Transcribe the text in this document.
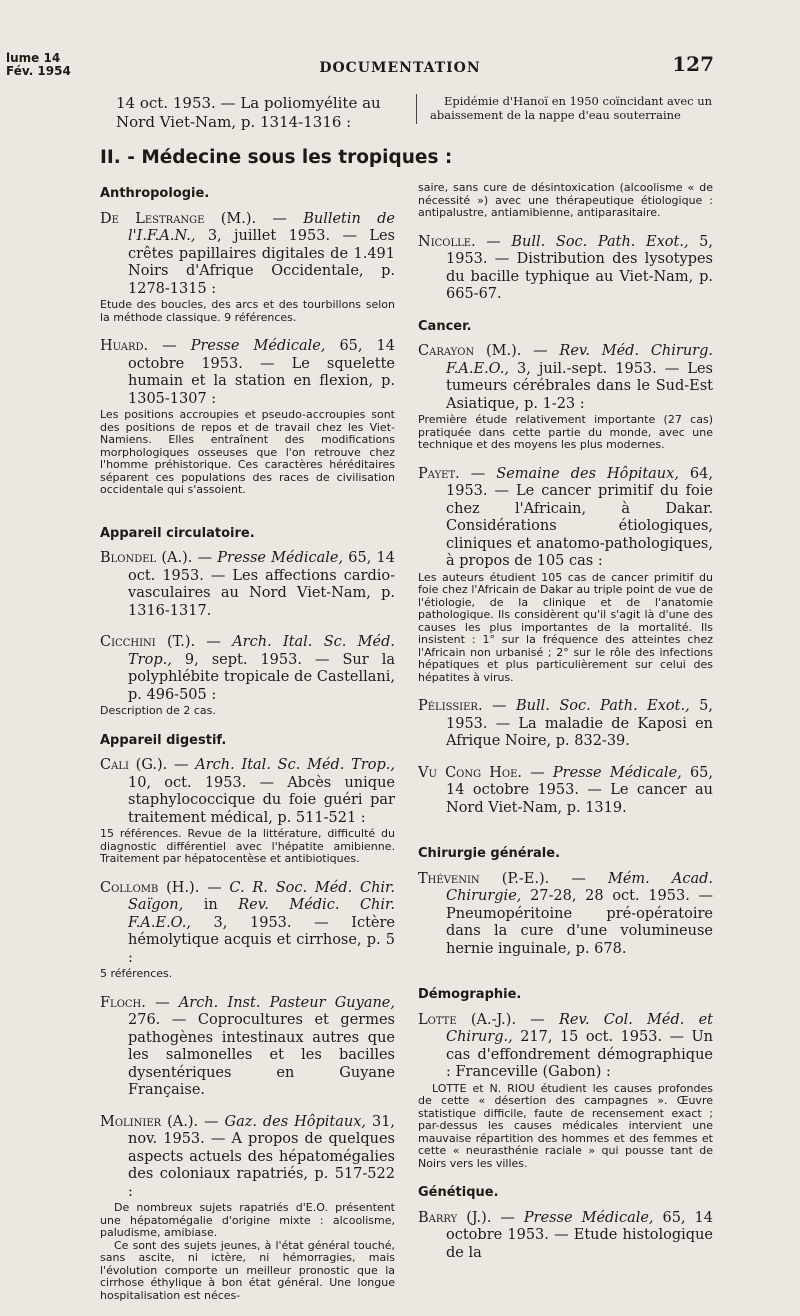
lume 14
Fév. 1954	DOCUMENTATION	127
14 oct. 1953. — La poliomyélite au Nord Viet-Nam, p. 1314-1316 :
Epidémie d'Hanoï en 1950 coïncidant avec un abaissement de la nappe d'eau souterraine
II. - Médecine sous les tropiques :
Anthropologie.
De Lestrange (M.). — Bulletin de l'I.F.A.N., 3, juillet 1953. — Les crêtes papillaires digitales de 1.491 Noirs d'Afrique Occidentale, p. 1278-1315 :

Etude des boucles, des arcs et des tourbillons selon la méthode classique. 9 références.

Huard. — Presse Médicale, 65, 14 octobre 1953. — Le squelette humain et la station en flexion, p. 1305-1307 :

Les positions accroupies et pseudo-accroupies sont des positions de repos et de travail chez les Viet-Namiens. Elles entraînent des modifications morphologiques osseuses que l'on retrouve chez l'homme préhistorique. Ces caractères héréditaires séparent ces populations des races de civilisation occidentale qui s'assoient.

Appareil circulatoire.
Blondel (A.). — Presse Médicale, 65, 14 oct. 1953. — Les affections cardio-vasculaires au Nord Viet-Nam, p. 1316-1317.
Cicchini (T.). — Arch. Ital. Sc. Méd. Trop., 9, sept. 1953. — Sur la polyphlébite tropicale de Castellani, p. 496-505 :

Description de 2 cas.

Appareil digestif.
Cali (G.). — Arch. Ital. Sc. Méd. Trop., 10, oct. 1953. — Abcès unique staphylococcique du foie guéri par traitement médical, p. 511-521 :

15 références. Revue de la littérature, difficulté du diagnostic différentiel avec l'hépatite amibienne. Traitement par hépatocentèse et antibiotiques.

Collomb (H.). — C. R. Soc. Méd. Chir. Saïgon, in Rev. Médic. Chir. F.A.E.O., 3, 1953. — Ictère hémolytique acquis et cirrhose, p. 5 :

5 références.

Floch. — Arch. Inst. Pasteur Guyane, 276. — Coprocultures et germes pathogènes intestinaux autres que les salmonelles et les bacilles dysentériques en Guyane Française.
Molinier (A.). — Gaz. des Hôpitaux, 31, nov. 1953. — A propos de quelques aspects actuels des hépatomégalies des coloniaux rapatriés, p. 517-522 :

De nombreux sujets rapatriés d'E.O. présentent une hépatomégalie d'origine mixte : alcoolisme, paludisme, amibiase.

Ce sont des sujets jeunes, à l'état général touché, sans ascite, ni ictère, ni hémorragies, mais l'évolution comporte un meilleur pronostic que la cirrhose éthylique à bon état général. Une longue hospitalisation est néces-

saire, sans cure de désintoxication (alcoolisme « de nécessité ») avec une thérapeutique étiologique : antipalustre, antiamibienne, antiparasitaire.

Nicolle. — Bull. Soc. Path. Exot., 5, 1953. — Distribution des lysotypes du bacille typhique au Viet-Nam, p. 665-67.
Cancer.
Carayon (M.). — Rev. Méd. Chirurg. F.A.E.O., 3, juil.-sept. 1953. — Les tumeurs cérébrales dans le Sud-Est Asiatique, p. 1-23 :

Première étude relativement importante (27 cas) pratiquée dans cette partie du monde, avec une technique et des moyens les plus modernes.

Payet. — Semaine des Hôpitaux, 64, 1953. — Le cancer primitif du foie chez l'Africain, à Dakar. Considérations étiologiques, cliniques et anatomo-pathologiques, à propos de 105 cas :

Les auteurs étudient 105 cas de cancer primitif du foie chez l'Africain de Dakar au triple point de vue de l'étiologie, de la clinique et de l'anatomie pathologique. Ils considèrent qu'il s'agit là d'une des causes les plus importantes de la mortalité. Ils insistent : 1° sur la fréquence des atteintes chez l'Africain non urbanisé ; 2° sur le rôle des infections hépatiques et plus particulièrement sur celui des hépatites à virus.

Pélissier. — Bull. Soc. Path. Exot., 5, 1953. — La maladie de Kaposi en Afrique Noire, p. 832-39.
Vu Cong Hoe. — Presse Médicale, 65, 14 octobre 1953. — Le cancer au Nord Viet-Nam, p. 1319.
Chirurgie générale.
Thévenin (P.-E.). — Mém. Acad. Chirurgie, 27-28, 28 oct. 1953. — Pneumopéritoine pré-opératoire dans la cure d'une volumineuse hernie inguinale, p. 678.
Démographie.
Lotte (A.-J.). — Rev. Col. Méd. et Chirurg., 217, 15 oct. 1953. — Un cas d'effondrement démographique : Franceville (Gabon) :

LOTTE et N. RIOU étudient les causes profondes de cette « désertion des campagnes ». Œuvre statistique difficile, faute de recensement exact ; par-dessus les causes médicales intervient une mauvaise répartition des hommes et des femmes et cette « neurasthénie raciale » qui pousse tant de Noirs vers les villes.

Génétique.
Barry (J.). — Presse Médicale, 65, 14 octobre 1953. — Etude histologique de la
